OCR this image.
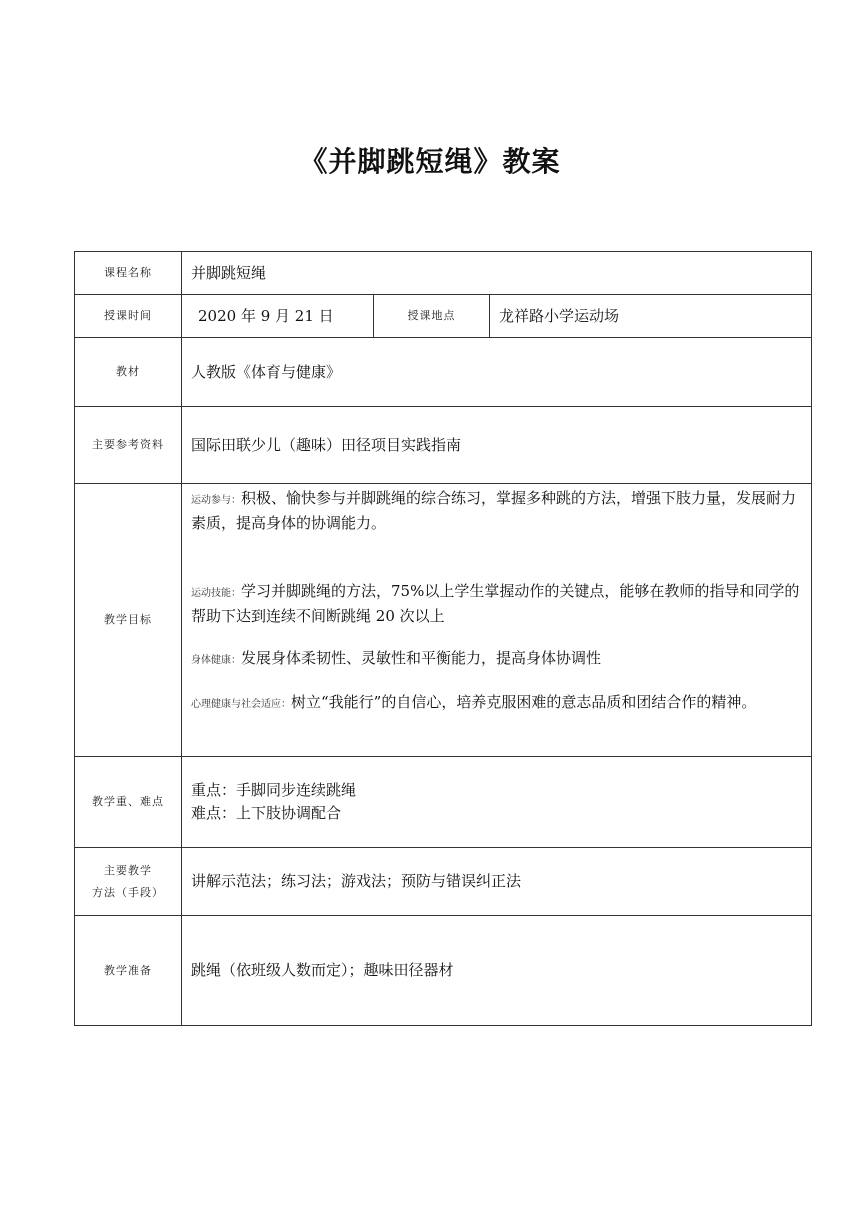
《并脚跳短绳》教案
课程名称	并脚跳短绳		
授课时间	2020 年 9 月 21 日	授课地点	龙祥路小学运动场
教材	人教版《体育与健康》		
主要参考资料	国际田联少儿（趣味）田径项目实践指南		
教学目标	运动参与：积极、愉快参与并脚跳绳的综合练习，掌握多种跳的方法，增强下肢力量，发展耐力素质，提高身体的协调能力。
运动技能：学习并脚跳绳的方法，75%以上学生掌握动作的关键点，能够在教师的指导和同学的帮助下达到连续不间断跳绳 20 次以上
身体健康：发展身体柔韧性、灵敏性和平衡能力，提高身体协调性
心理健康与社会适应：树立“我能行”的自信心，培养克服困难的意志品质和团结合作的精神。		

教学重、难点	重点：手脚同步连续跳绳
难点：上下肢协调配合		

主要教学
方法（手段）	讲解示范法；练习法；游戏法；预防与错误纠正法		
教学准备	跳绳（依班级人数而定）；趣味田径器材		
